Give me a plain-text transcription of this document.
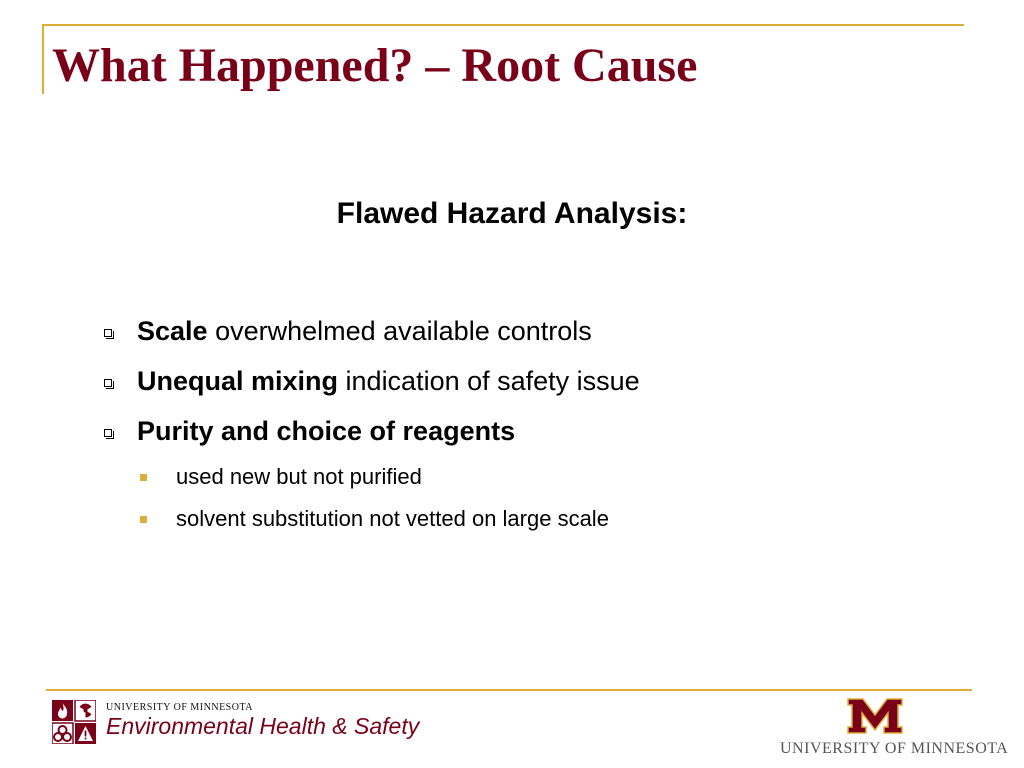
What Happened? – Root Cause
Flawed Hazard Analysis:
Scale overwhelmed available controls
Unequal mixing indication of safety issue
Purity and choice of reagents
used new but not purified
solvent substitution not vetted on large scale
UNIVERSITY OF MINNESOTA
Environmental Health & Safety
UNIVERSITY OF MINNESOTA
